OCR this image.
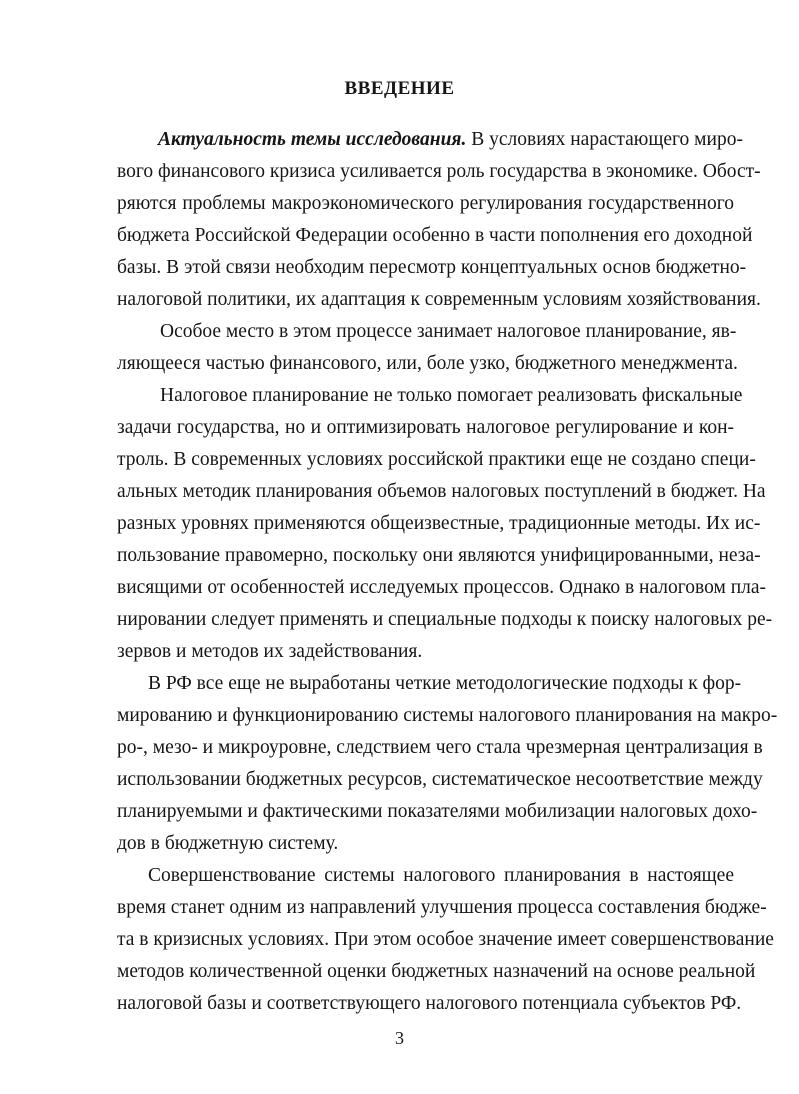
ВВЕДЕНИЕ
Актуальность темы исследования. В условиях нарастающего миро-
вого финансового кризиса усиливается роль государства в экономике. Обост-
ряются проблемы макроэкономического регулирования государственного
бюджета Российской Федерации особенно в части пополнения его доходной
базы. В этой связи необходим пересмотр концептуальных основ бюджетно-
налоговой политики, их адаптация к современным условиям хозяйствования.
Особое место в этом процессе занимает налоговое планирование, яв-
ляющееся частью финансового, или, боле узко, бюджетного менеджмента.
Налоговое планирование не только помогает реализовать фискальные
задачи государства, но и оптимизировать налоговое регулирование и кон-
троль. В современных условиях российской практики еще не создано специ-
альных методик планирования объемов налоговых поступлений в бюджет. На
разных уровнях применяются общеизвестные, традиционные методы. Их ис-
пользование правомерно, поскольку они являются унифицированными, неза-
висящими от особенностей исследуемых процессов. Однако в налоговом пла-
нировании следует применять и специальные подходы к поиску налоговых ре-
зервов и методов их задействования.
В РФ все еще не выработаны четкие методологические подходы к фор-
мированию и функционированию системы налогового планирования на макро-
ро-, мезо- и микроуровне, следствием чего стала чрезмерная централизация в
использовании бюджетных ресурсов, систематическое несоответствие между
планируемыми и фактическими показателями мобилизации налоговых дохо-
дов в бюджетную систему.
Совершенствование системы налогового планирования в настоящее
время станет одним из направлений улучшения процесса составления бюдже-
та в кризисных условиях. При этом особое значение имеет совершенствование
методов количественной оценки бюджетных назначений на основе реальной
налоговой базы и соответствующего налогового потенциала субъектов РФ.
3
